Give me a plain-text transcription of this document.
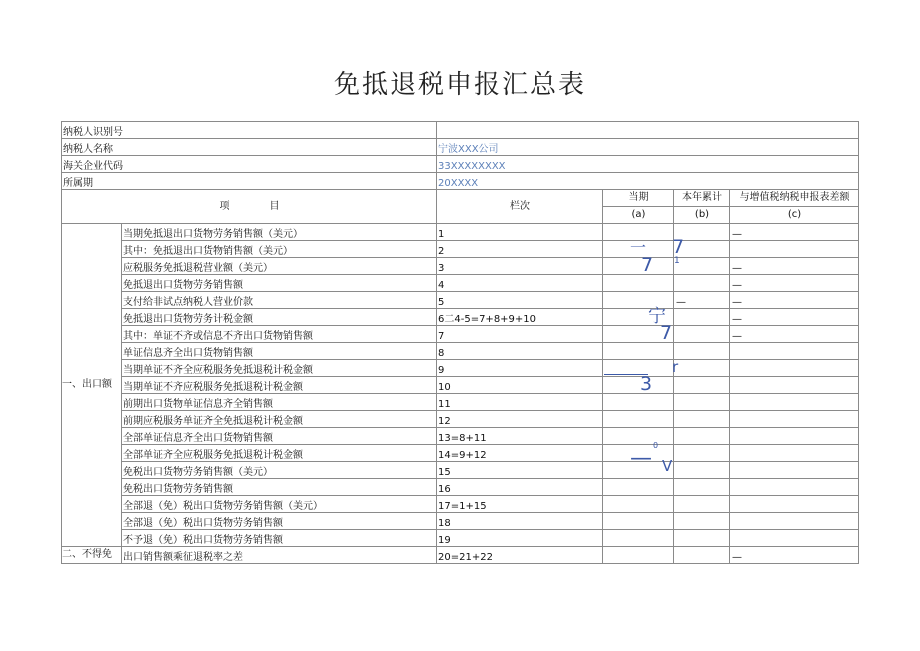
免抵退税申报汇总表
纳税人识别号					
纳税人名称		宁波XXX公司			
海关企业代码		33XXXXXXXX			
所属期		20XXXX			
项　　　　目		栏次	当期	本年累计	与增值税纳税申报表差额
			(a)	(b)	(c)
一、出口额	当期免抵退出口货物劳务销售额（美元）	1			—
	其中：免抵退出口货物销售额（美元）	2			
	应税服务免抵退税营业额（美元）	3			—
	免抵退出口货物劳务销售额	4			—
	支付给非试点纳税人营业价款	5		—	—
	免抵退出口货物劳务计税金额	6二4-5=7+8+9+10			—
	其中：单证不齐或信息不齐出口货物销售额	7			—
	单证信息齐全出口货物销售额	8			
	当期单证不齐全应税服务免抵退税计税金额	9			
	当期单证不齐应税服务免抵退税计税金额	10			
	前期出口货物单证信息齐全销售额	11			
	前期应税服务单证齐全免抵退税计税金额	12			
	全部单证信息齐全出口货物销售额	13=8+11			
	全部单证齐全应税服务免抵退税计税金额	14=9+12			
	免税出口货物劳务销售额（美元）	15			
	免税出口货物劳务销售额	16			
	全部退（免）税出口货物劳务销售额（美元）	17=1+15			
	全部退（免）税出口货物劳务销售额	18			
	不予退（免）税出口货物劳务销售额	19			
二、不得免	出口销售额乘征退税率之差	20=21+22			—
一 7
1
7
宁
7
r
3
0
— V
